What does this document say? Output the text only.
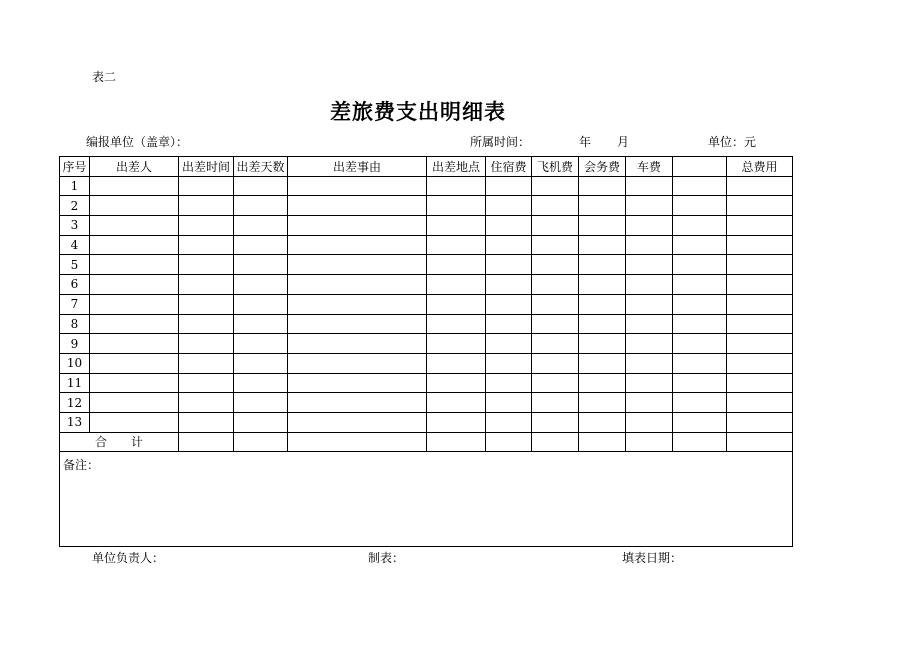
表二
差旅费支出明细表
编报单位（盖章）：	所属时间：	年 月	单位：元
序号	出差人	出差时间	出差天数	出差事由	出差地点	住宿费	飞机费	会务费	车费		总费用
1											
2											
3											
4											
5											
6											
7											
8											
9											
10											
11											
12											
13											
合　　计											
备注：											
单位负责人：	制表：	填表日期：
